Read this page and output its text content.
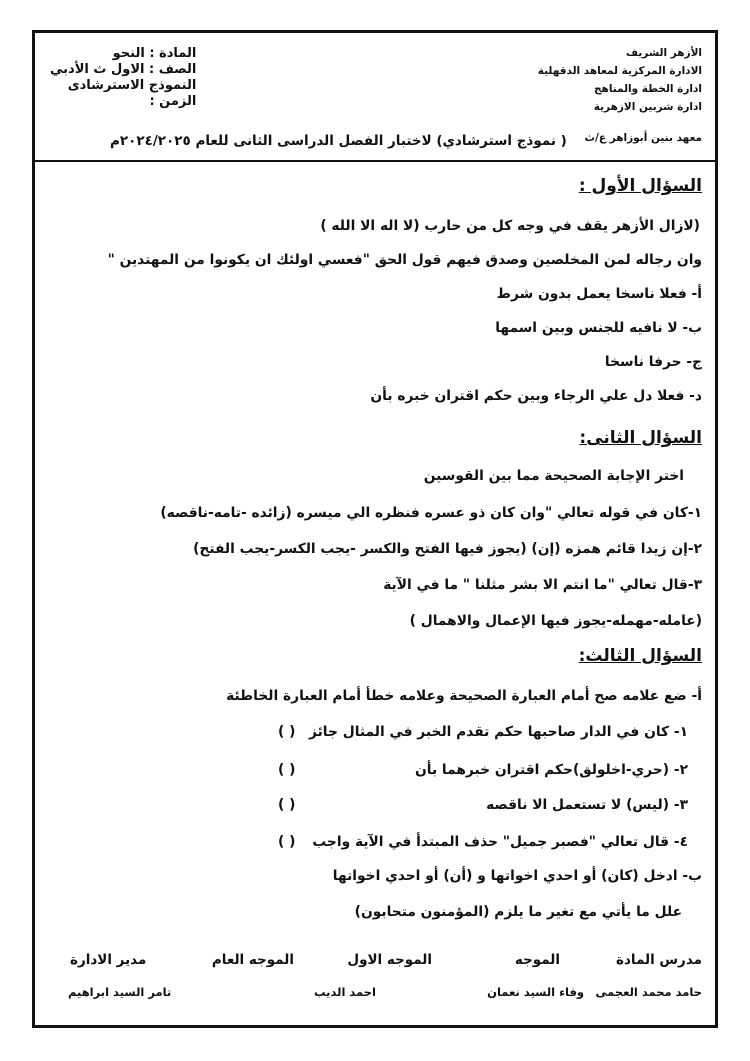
الأزهر الشريف
الادارة المركزية لمعاهد الدقهلية
ادارة الخطة والمناهج
ادارة شربين الازهرية
معهد بنين أبوزاهر ع/ث
المادة : النحو
الصف : الاول ث الأدبي
النموذج الاسترشادى
الزمن :
( نموذج استرشادي) لاختبار الفصل الدراسى الثانى للعام ٢٠٢٤/٢٠٢٥م
السؤال الأول :
(لازال الأزهر يقف في وجه كل من حارب (لا اله الا الله )
وان رجاله لمن المخلصين وصدق فيهم قول الحق "فعسي اولئك ان يكونوا من المهتدين "
أ- فعلا ناسخا يعمل بدون شرط
ب- لا نافيه للجنس وبين اسمها
ج- حرفا ناسخا
د- فعلا دل علي الرجاء وبين حكم اقتران خبره بأن
السؤال الثانى:
اختر الإجابة الصحيحة مما بين القوسين
١-كان في قوله تعالي "وان كان ذو عسره فنظره الي ميسره (زائده -تامه-ناقصه)
٢-إن زيدا قائم همزه (إن) (يجوز فيها الفتح والكسر -يجب الكسر-يجب الفتح)
٣-قال تعالي "ما انتم الا بشر مثلنا " ما في الآية
(عامله-مهمله-يجوز فيها الإعمال والاهمال )
السؤال الثالث:
أ- ضع علامه صح أمام العبارة الصحيحة وعلامه خطأ أمام العبارة الخاطئة
١- كان في الدار صاحبها حكم تقدم الخبر في المثال جائز
( )
٢- (حري-اخلولق)حكم اقتران خبرهما بأن
( )
٣- (ليس) لا تستعمل الا ناقصه
( )
٤- قال تعالي "فصبر جميل" حذف المبتدأ في الآية واجب
( )
ب- ادخل (كان) أو احدي اخواتها و (أن) أو احدي اخواتها
علل ما يأتي مع تغير ما يلزم (المؤمنون متحابون)
مدرس المادة
الموجه
الموجه الاول
الموجه العام
مدير الادارة
حامد محمد العجمى
وفاء السيد نعمان
احمد الديب
تامر السيد ابراهيم
